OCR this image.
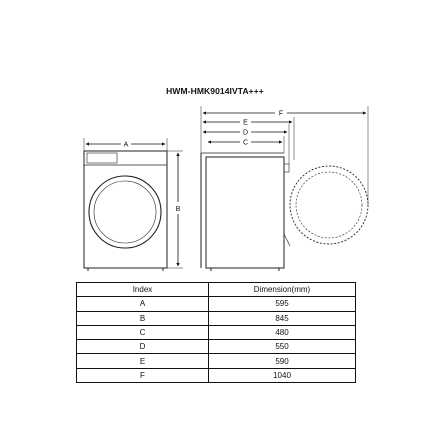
HWM-HMK9014IVTA+++
A
B
F
E
D
C
Index	Dimension(mm)
A	595
B	845
C	480
D	550
E	590
F	1040
